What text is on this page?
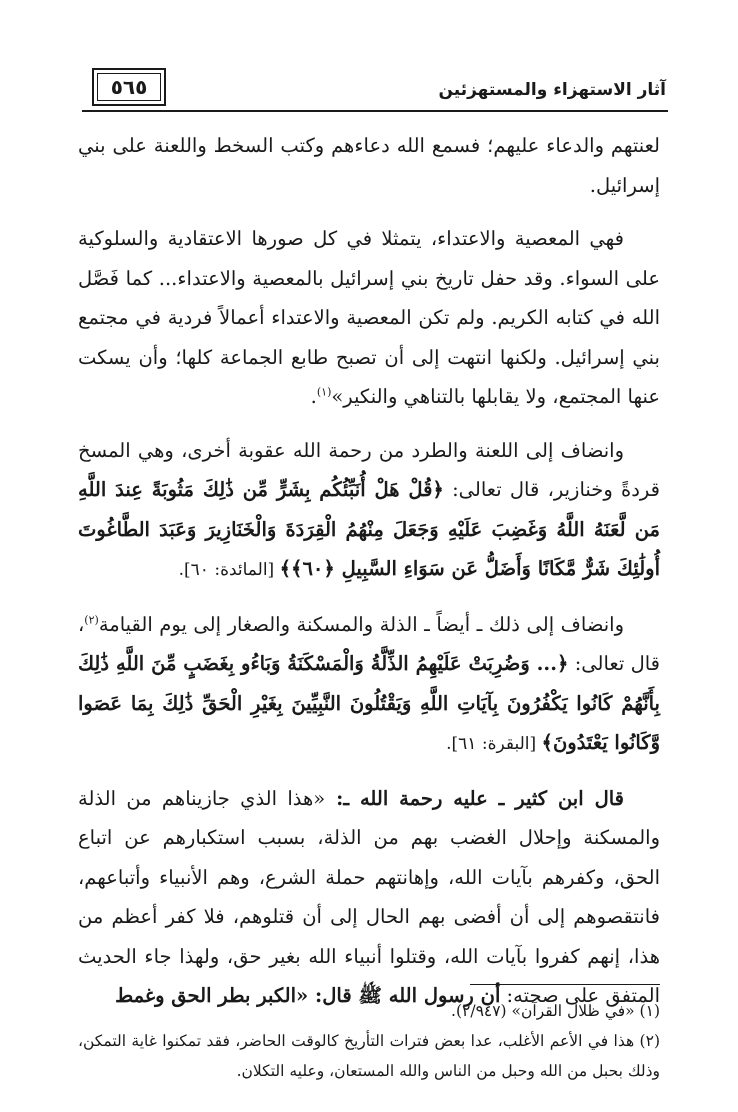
آثار الاستهزاء والمستهزئين
٥٦٥

لعنتهم والدعاء عليهم؛ فسمع الله دعاءهم وكتب السخط واللعنة على بني إسرائيل.

فهي المعصية والاعتداء، يتمثلا في كل صورها الاعتقادية والسلوكية على السواء. وقد حفل تاريخ بني إسرائيل بالمعصية والاعتداء... كما فَصَّل الله في كتابه الكريم. ولم تكن المعصية والاعتداء أعمالاً فردية في مجتمع بني إسرائيل. ولكنها انتهت إلى أن تصبح طابع الجماعة كلها؛ وأن يسكت عنها المجتمع، ولا يقابلها بالتناهي والنكير»$^{(١)}$.

وانضاف إلى اللعنة والطرد من رحمة الله عقوبة أخرى، وهي المسخ قردةً وخنازير، قال تعالى: ﴿قُلْ هَلْ أُنَبِّئُكُم بِشَرٍّ مِّن ذَٰلِكَ مَثُوبَةً عِندَ اللَّهِ مَن لَّعَنَهُ اللَّهُ وَغَضِبَ عَلَيْهِ وَجَعَلَ مِنْهُمُ الْقِرَدَةَ وَالْخَنَازِيرَ وَعَبَدَ الطَّاغُوتَ أُولَٰئِكَ شَرٌّ مَّكَانًا وَأَضَلُّ عَن سَوَاءِ السَّبِيلِ ﴿٦٠﴾﴾ [المائدة: ٦٠].

وانضاف إلى ذلك ـ أيضاً ـ الذلة والمسكنة والصغار إلى يوم القيامة$^{(٢)}$، قال تعالى: ﴿... وَضُرِبَتْ عَلَيْهِمُ الذِّلَّةُ وَالْمَسْكَنَةُ وَبَاءُو بِغَضَبٍ مِّنَ اللَّهِ ذَٰلِكَ بِأَنَّهُمْ كَانُوا يَكْفُرُونَ بِآيَاتِ اللَّهِ وَيَقْتُلُونَ النَّبِيِّينَ بِغَيْرِ الْحَقِّ ذَٰلِكَ بِمَا عَصَوا وَّكَانُوا يَعْتَدُونَ﴾ [البقرة: ٦١].

قال ابن كثير ـ عليه رحمة الله ـ: «هذا الذي جازيناهم من الذلة والمسكنة وإحلال الغضب بهم من الذلة، بسبب استكبارهم عن اتباع الحق، وكفرهم بآيات الله، وإهانتهم حملة الشرع، وهم الأنبياء وأتباعهم، فانتقصوهم إلى أن أفضى بهم الحال إلى أن قتلوهم، فلا كفر أعظم من هذا، إنهم كفروا بآيات الله، وقتلوا أنبياء الله بغير حق، ولهذا جاء الحديث المتفق على صحته: أن رسول الله ﷺ قال: «الكبر بطر الحق وغمط

(١) «في ظلال القرآن» (٢/٩٤٧).

(٢) هذا في الأعم الأغلب، عدا بعض فترات التأريخ كالوقت الحاضر، فقد تمكنوا غاية التمكن، وذلك بحبل من الله وحبل من الناس والله المستعان، وعليه التكلان.
